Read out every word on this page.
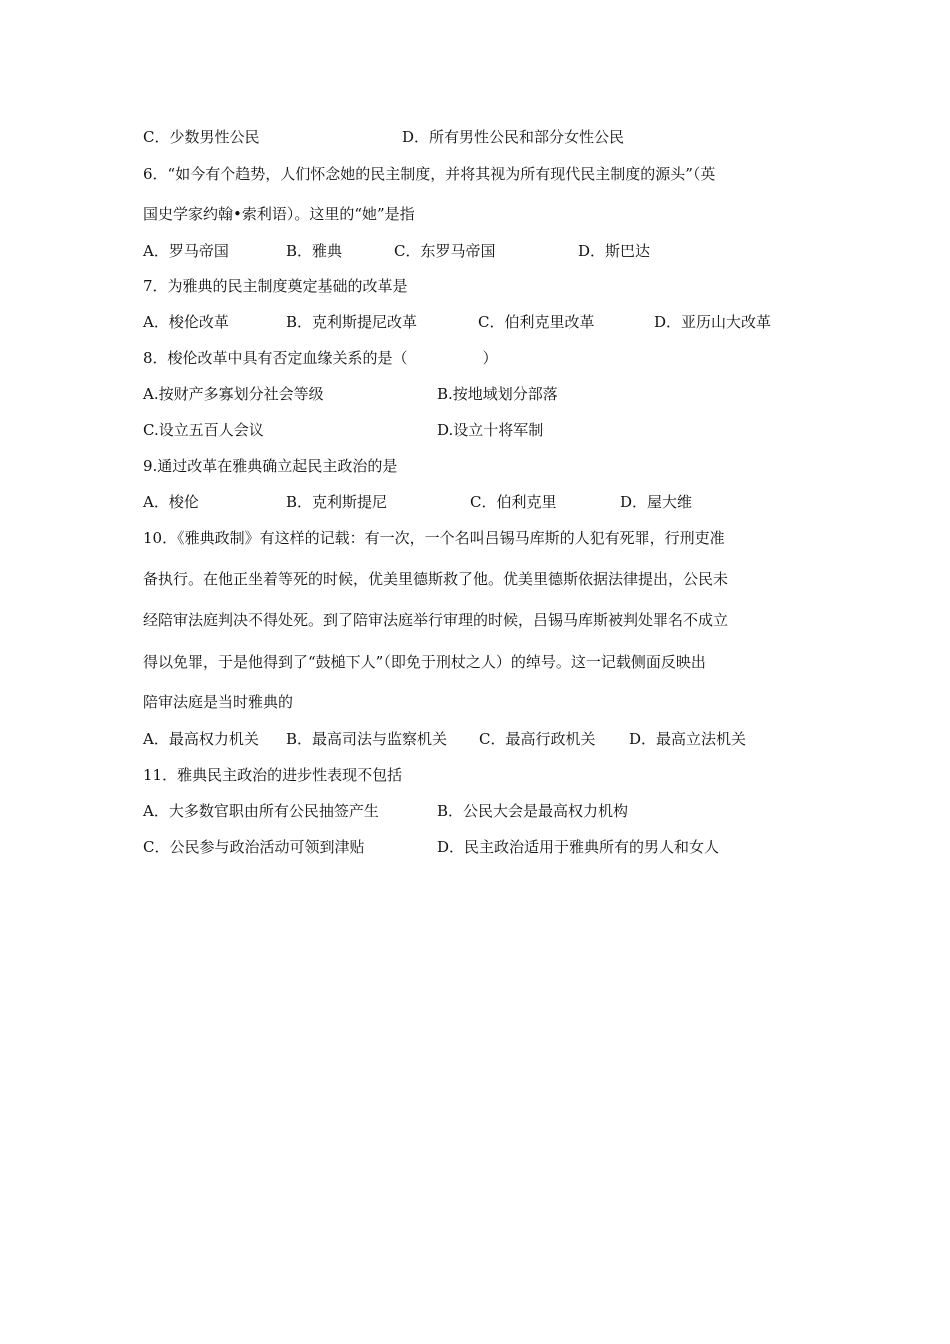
C．少数男性公民	D．所有男性公民和部分女性公民
6．“如今有个趋势，人们怀念她的民主制度，并将其视为所有现代民主制度的源头”（英
国史学家约翰•索利语）。这里的“她”是指
A．罗马帝国	B．雅典	C．东罗马帝国	D．斯巴达
7．为雅典的民主制度奠定基础的改革是
A．梭伦改革	B．克利斯提尼改革	C．伯利克里改革	D．亚历山大改革
8．梭伦改革中具有否定血缘关系的是（　　　　　）
A.按财产多寡划分社会等级	B.按地域划分部落
C.设立五百人会议	D.设立十将军制
9.通过改革在雅典确立起民主政治的是
A．梭伦	B．克利斯提尼	C．伯利克里	D．屋大维
10．《雅典政制》有这样的记载：有一次，一个名叫吕锡马库斯的人犯有死罪，行刑吏准
备执行。在他正坐着等死的时候，优美里德斯救了他。优美里德斯依据法律提出，公民未
经陪审法庭判决不得处死。到了陪审法庭举行审理的时候，吕锡马库斯被判处罪名不成立
得以免罪，于是他得到了“鼓槌下人”（即免于刑杖之人）的绰号。这一记载侧面反映出
陪审法庭是当时雅典的
A．最高权力机关 B．最高司法与监察机关 C．最高行政机关 D．最高立法机关
11．雅典民主政治的进步性表现不包括
A．大多数官职由所有公民抽签产生	B．公民大会是最高权力机构
C．公民参与政治活动可领到津贴	D．民主政治适用于雅典所有的男人和女人
